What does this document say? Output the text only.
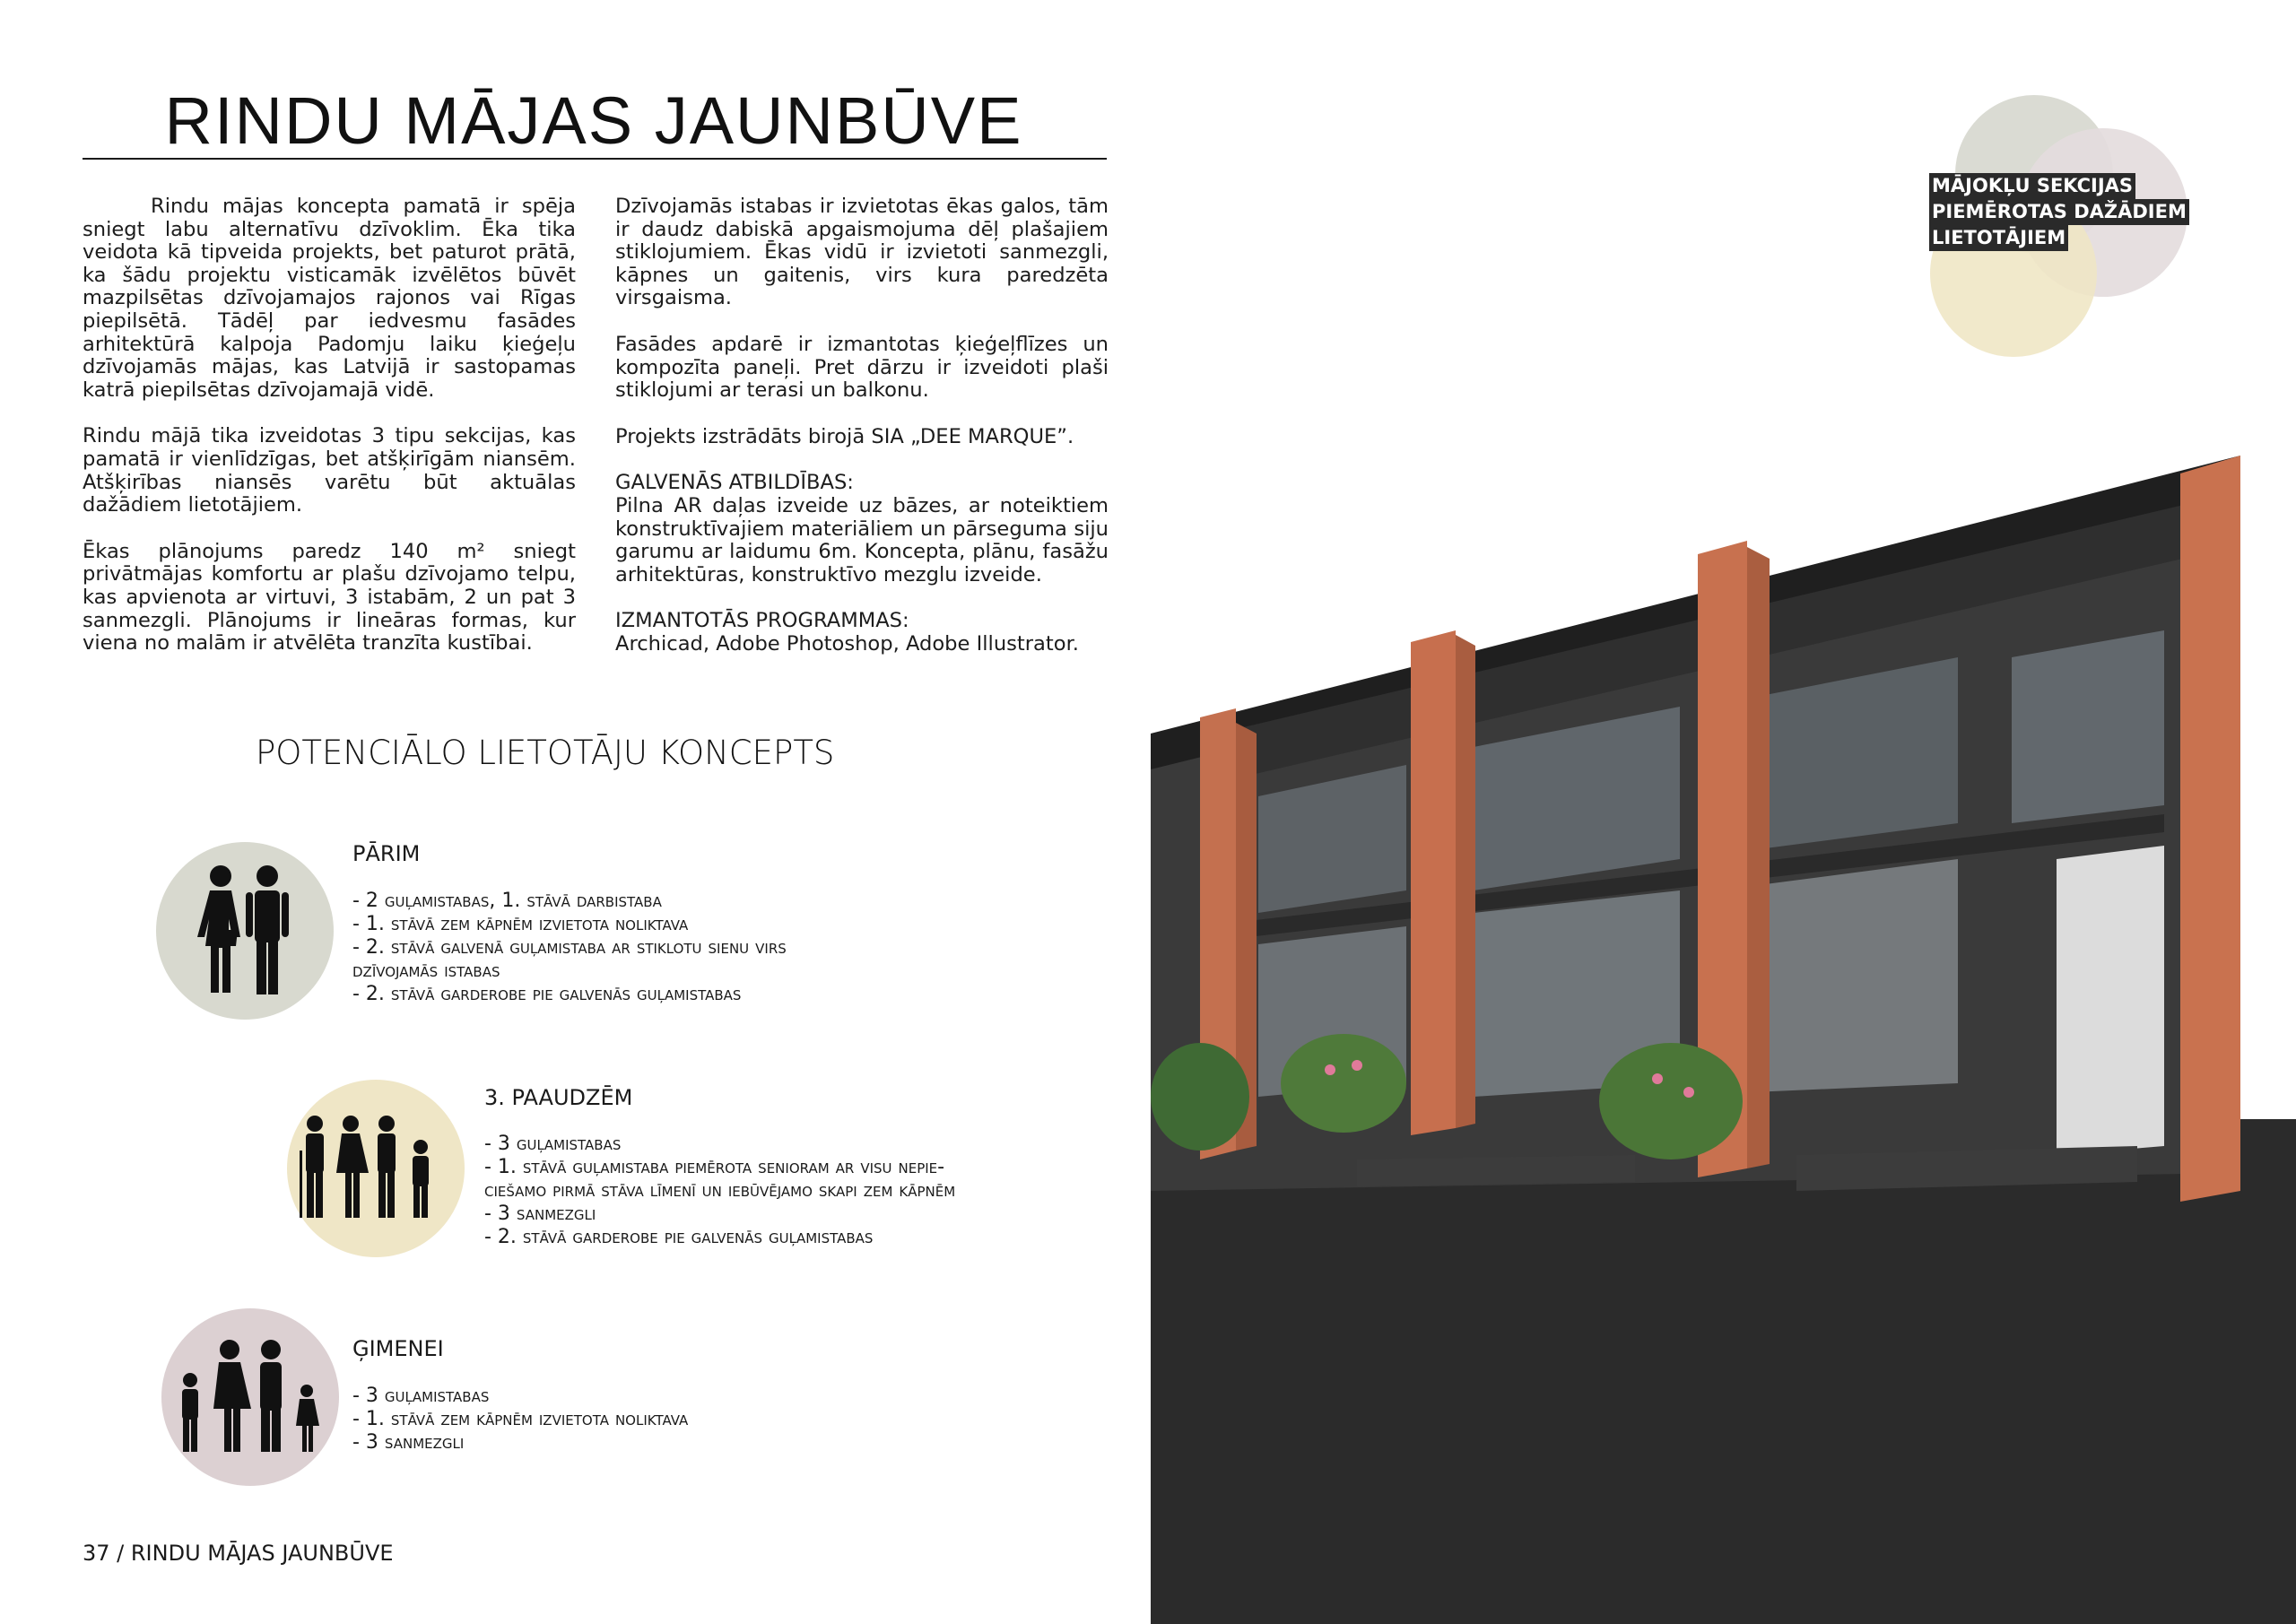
RINDU MĀJAS JAUNBŪVE

Rindu mājas koncepta pamatā ir spēja sniegt labu alternatīvu dzīvoklim. Ēka tika veidota kā tipveida projekts, bet paturot prātā, ka šādu projektu visticamāk izvēlētos būvēt mazpilsētas dzīvojamajos rajonos vai Rīgas piepilsētā. Tādēļ par iedvesmu fasādes arhitektūrā kalpoja Padomju laiku ķieģeļu dzīvojamās mājas, kas Latvijā ir sastopamas katrā piepilsētas dzīvojamajā vidē.

Rindu mājā tika izveidotas 3 tipu sekcijas, kas pamatā ir vienlīdzīgas, bet atšķirīgām niansēm. Atšķirības niansēs varētu būt aktuālas dažādiem lietotājiem.

Ēkas plānojums paredz 140 m² sniegt privātmājas komfortu ar plašu dzīvojamo telpu, kas apvienota ar virtuvi, 3 istabām, 2 un pat 3 sanmezgli. Plānojums ir lineāras formas, kur viena no malām ir atvēlēta tranzīta kustībai.

Dzīvojamās istabas ir izvietotas ēkas galos, tām ir daudz dabiskā apgaismojuma dēļ plašajiem stiklojumiem. Ēkas vidū ir izvietoti sanmezgli, kāpnes un gaitenis, virs kura paredzēta virsgaisma.

Fasādes apdarē ir izmantotas ķieģeļflīzes un kompozīta paneļi. Pret dārzu ir izveidoti plaši stiklojumi ar terasi un balkonu.

Projekts izstrādāts birojā SIA „DEE MARQUE”.

GALVENĀS ATBILDĪBAS:

Pilna AR daļas izveide uz bāzes, ar noteiktiem konstruktīvajiem materiāliem un pārseguma siju garumu ar laidumu 6m. Koncepta, plānu, fasāžu arhitektūras, konstruktīvo mezglu izveide.

IZMANTOTĀS PROGRAMMAS:

Archicad, Adobe Photoshop, Adobe Illustrator.

POTENCIĀLO LIETOTĀJU KONCEPTS
PĀRIM
- 2 guļamistabas, 1. stāvā darbistaba
- 1. stāvā zem kāpnēm izvietota noliktava
- 2. stāvā galvenā guļamistaba ar stiklotu sienu virs
dzīvojamās istabas
- 2. stāvā garderobe pie galvenās guļamistabas
3. PAAUDZĒM
- 3 guļamistabas
- 1. stāvā guļamistaba piemērota senioram ar visu nepie-
ciešamo pirmā stāva līmenī un iebūvējamo skapi zem kāpnēm
- 3 sanmezgli
- 2. stāvā garderobe pie galvenās guļamistabas
ĢIMENEI
- 3 guļamistabas
- 1. stāvā zem kāpnēm izvietota noliktava
- 3 sanmezgli
37 / RINDU MĀJAS JAUNBŪVE
MĀJOKĻU SEKCIJAS
PIEMĒROTAS DAŽĀDIEM
LIETOTĀJIEM
